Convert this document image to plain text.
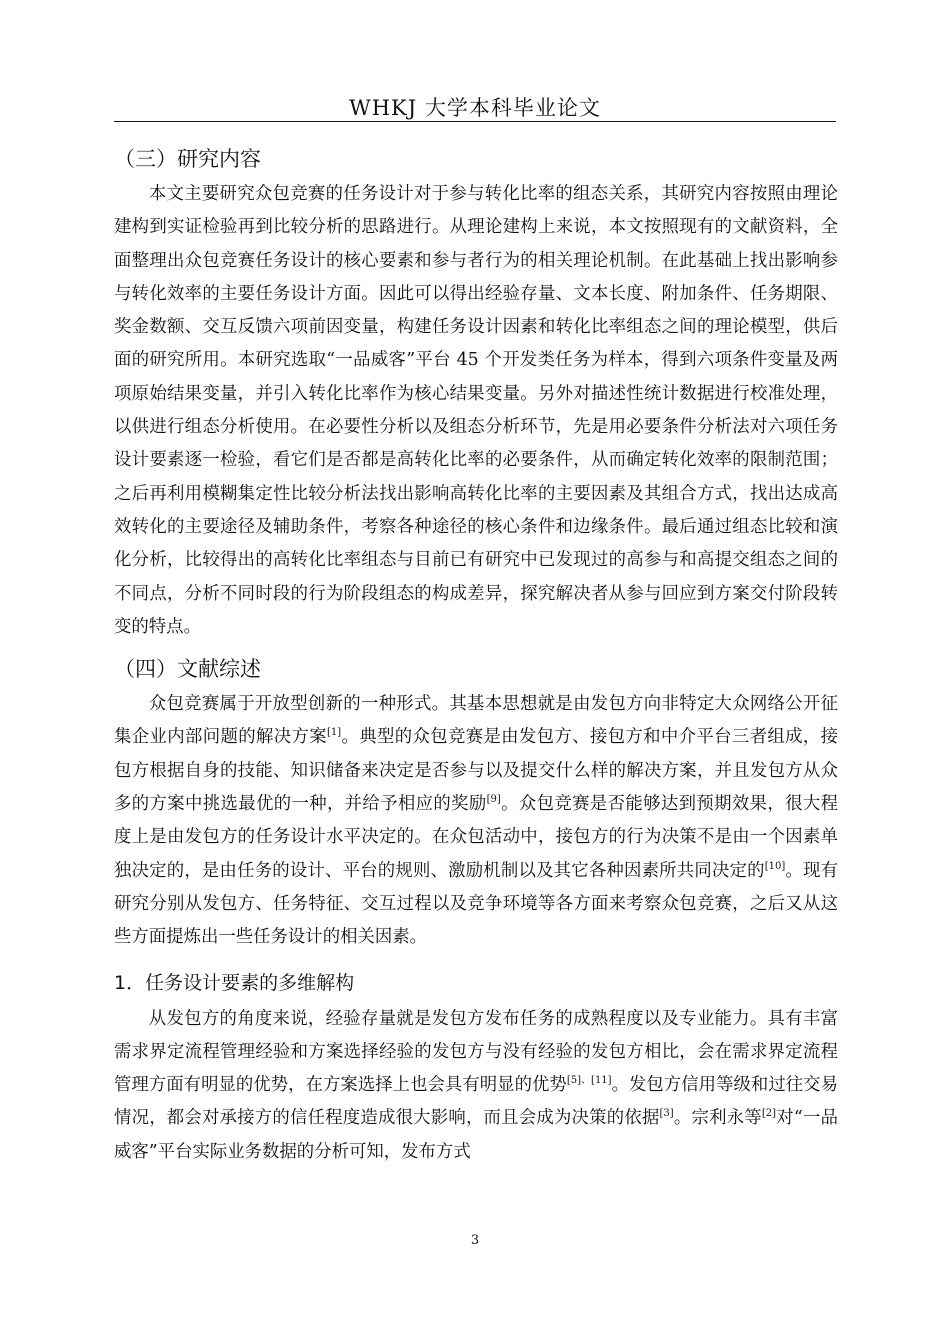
WHKJ 大学本科毕业论文
（三）研究内容

本文主要研究众包竞赛的任务设计对于参与转化比率的组态关系，其研究内容按照由理论建构到实证检验再到比较分析的思路进行。从理论建构上来说，本文按照现有的文献资料，全面整理出众包竞赛任务设计的核心要素和参与者行为的相关理论机制。在此基础上找出影响参与转化效率的主要任务设计方面。因此可以得出经验存量、文本长度、附加条件、任务期限、奖金数额、交互反馈六项前因变量，构建任务设计因素和转化比率组态之间的理论模型，供后面的研究所用。本研究选取“一品威客”平台 45 个开发类任务为样本，得到六项条件变量及两项原始结果变量，并引入转化比率作为核心结果变量。另外对描述性统计数据进行校准处理，以供进行组态分析使用。在必要性分析以及组态分析环节，先是用必要条件分析法对六项任务设计要素逐一检验，看它们是否都是高转化比率的必要条件，从而确定转化效率的限制范围；之后再利用模糊集定性比较分析法找出影响高转化比率的主要因素及其组合方式，找出达成高效转化的主要途径及辅助条件，考察各种途径的核心条件和边缘条件。最后通过组态比较和演化分析，比较得出的高转化比率组态与目前已有研究中已发现过的高参与和高提交组态之间的不同点，分析不同时段的行为阶段组态的构成差异，探究解决者从参与回应到方案交付阶段转变的特点。

（四）文献综述

众包竞赛属于开放型创新的一种形式。其基本思想就是由发包方向非特定大众网络公开征集企业内部问题的解决方案[1]。典型的众包竞赛是由发包方、接包方和中介平台三者组成，接包方根据自身的技能、知识储备来决定是否参与以及提交什么样的解决方案，并且发包方从众多的方案中挑选最优的一种，并给予相应的奖励[9]。众包竞赛是否能够达到预期效果，很大程度上是由发包方的任务设计水平决定的。在众包活动中，接包方的行为决策不是由一个因素单独决定的，是由任务的设计、平台的规则、激励机制以及其它各种因素所共同决定的[10]。现有研究分别从发包方、任务特征、交互过程以及竞争环境等各方面来考察众包竞赛，之后又从这些方面提炼出一些任务设计的相关因素。

1．任务设计要素的多维解构

从发包方的角度来说，经验存量就是发包方发布任务的成熟程度以及专业能力。具有丰富需求界定流程管理经验和方案选择经验的发包方与没有经验的发包方相比，会在需求界定流程管理方面有明显的优势，在方案选择上也会具有明显的优势[5]、[11]。发包方信用等级和过往交易情况，都会对承接方的信任程度造成很大影响，而且会成为决策的依据[3]。宗利永等[2]对“一品威客”平台实际业务数据的分析可知，发布方式

3
